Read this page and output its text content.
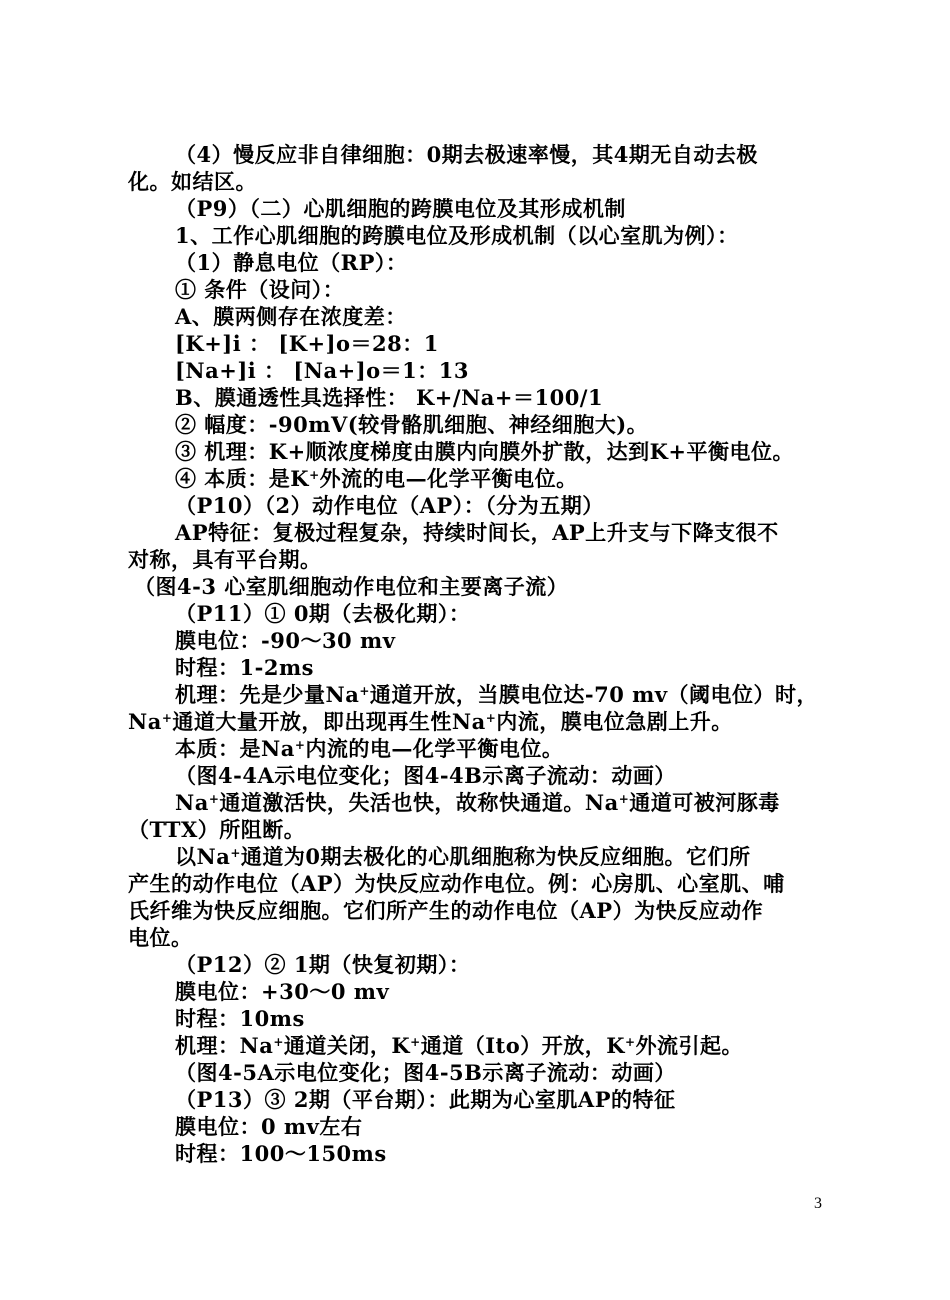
（4）慢反应非自律细胞：0期去极速率慢，其4期无自动去极
化。如结区。
（P9）（二）心肌细胞的跨膜电位及其形成机制
1、工作心肌细胞的跨膜电位及形成机制（以心室肌为例）：
（1）静息电位（RP）：
① 条件（设问）：
A、膜两侧存在浓度差：
[K+]i ： [K+]o＝28：1
[Na+]i ： [Na+]o＝1：13
B、膜通透性具选择性： K+/Na+＝100/1
② 幅度：-90mV(较骨骼肌细胞、神经细胞大)。
③ 机理：K+顺浓度梯度由膜内向膜外扩散，达到K+平衡电位。
④ 本质：是K+外流的电—化学平衡电位。
（P10）（2）动作电位（AP）：（分为五期）
AP特征：复极过程复杂，持续时间长，AP上升支与下降支很不
对称，具有平台期。
（图4-3 心室肌细胞动作电位和主要离子流）
（P11）① 0期（去极化期）：
膜电位：-90～30 mv
时程：1-2ms
机理：先是少量Na+通道开放，当膜电位达-70 mv（阈电位）时，
Na+通道大量开放，即出现再生性Na+内流，膜电位急剧上升。
本质：是Na+内流的电—化学平衡电位。
（图4-4A示电位变化；图4-4B示离子流动：动画）
Na+通道激活快，失活也快，故称快通道。Na+通道可被河豚毒
（TTX）所阻断。
以Na+通道为0期去极化的心肌细胞称为快反应细胞。它们所
产生的动作电位（AP）为快反应动作电位。例：心房肌、心室肌、哺
氏纤维为快反应细胞。它们所产生的动作电位（AP）为快反应动作
电位。
（P12）② 1期（快复初期）：
膜电位：+30～0 mv
时程：10ms
机理：Na+通道关闭，K+通道（Ito）开放，K+外流引起。
（图4-5A示电位变化；图4-5B示离子流动：动画）
（P13）③ 2期（平台期）：此期为心室肌AP的特征
膜电位：0 mv左右
时程：100～150ms
3
